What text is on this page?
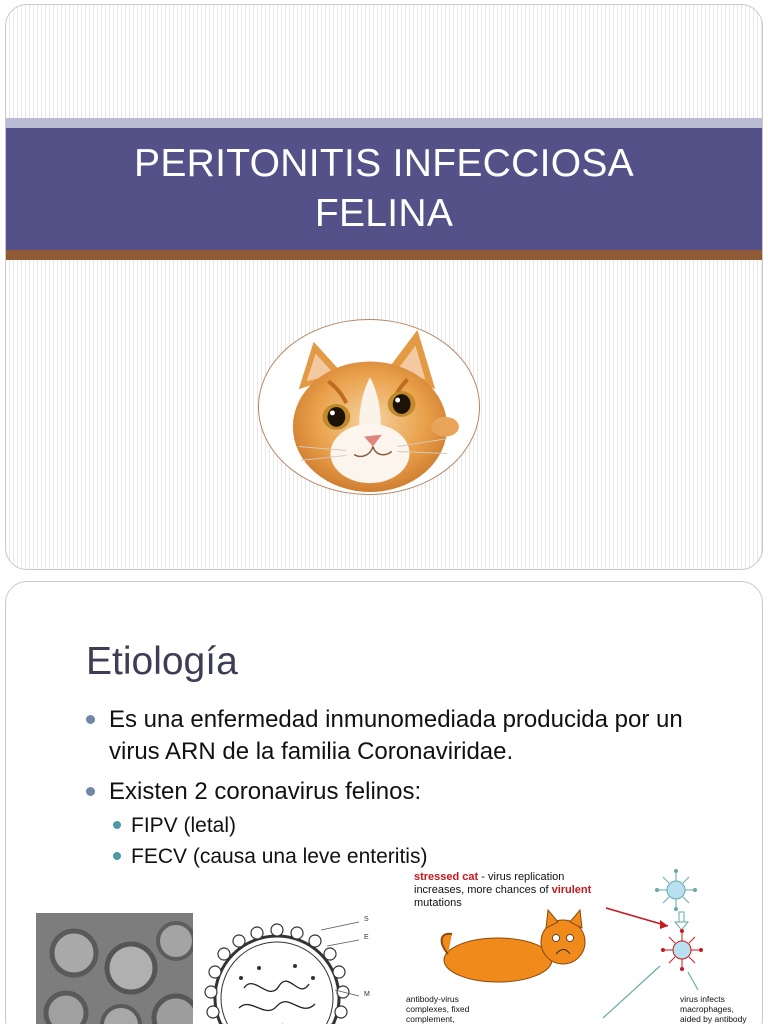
PERITONITIS INFECCIOSA FELINA
Etiología
Es una enfermedad inmunomediada producida por un virus ARN de la familia Coronaviridae.
Existen 2 coronavirus felinos:
FIPV (letal)
FECV (causa una leve enteritis)
S
E
M
stressed cat - virus replication
increases, more chances of virulent
mutations
antibody-virus
complexes, fixed
complement,
virus infects
macrophages,
aided by antibody
